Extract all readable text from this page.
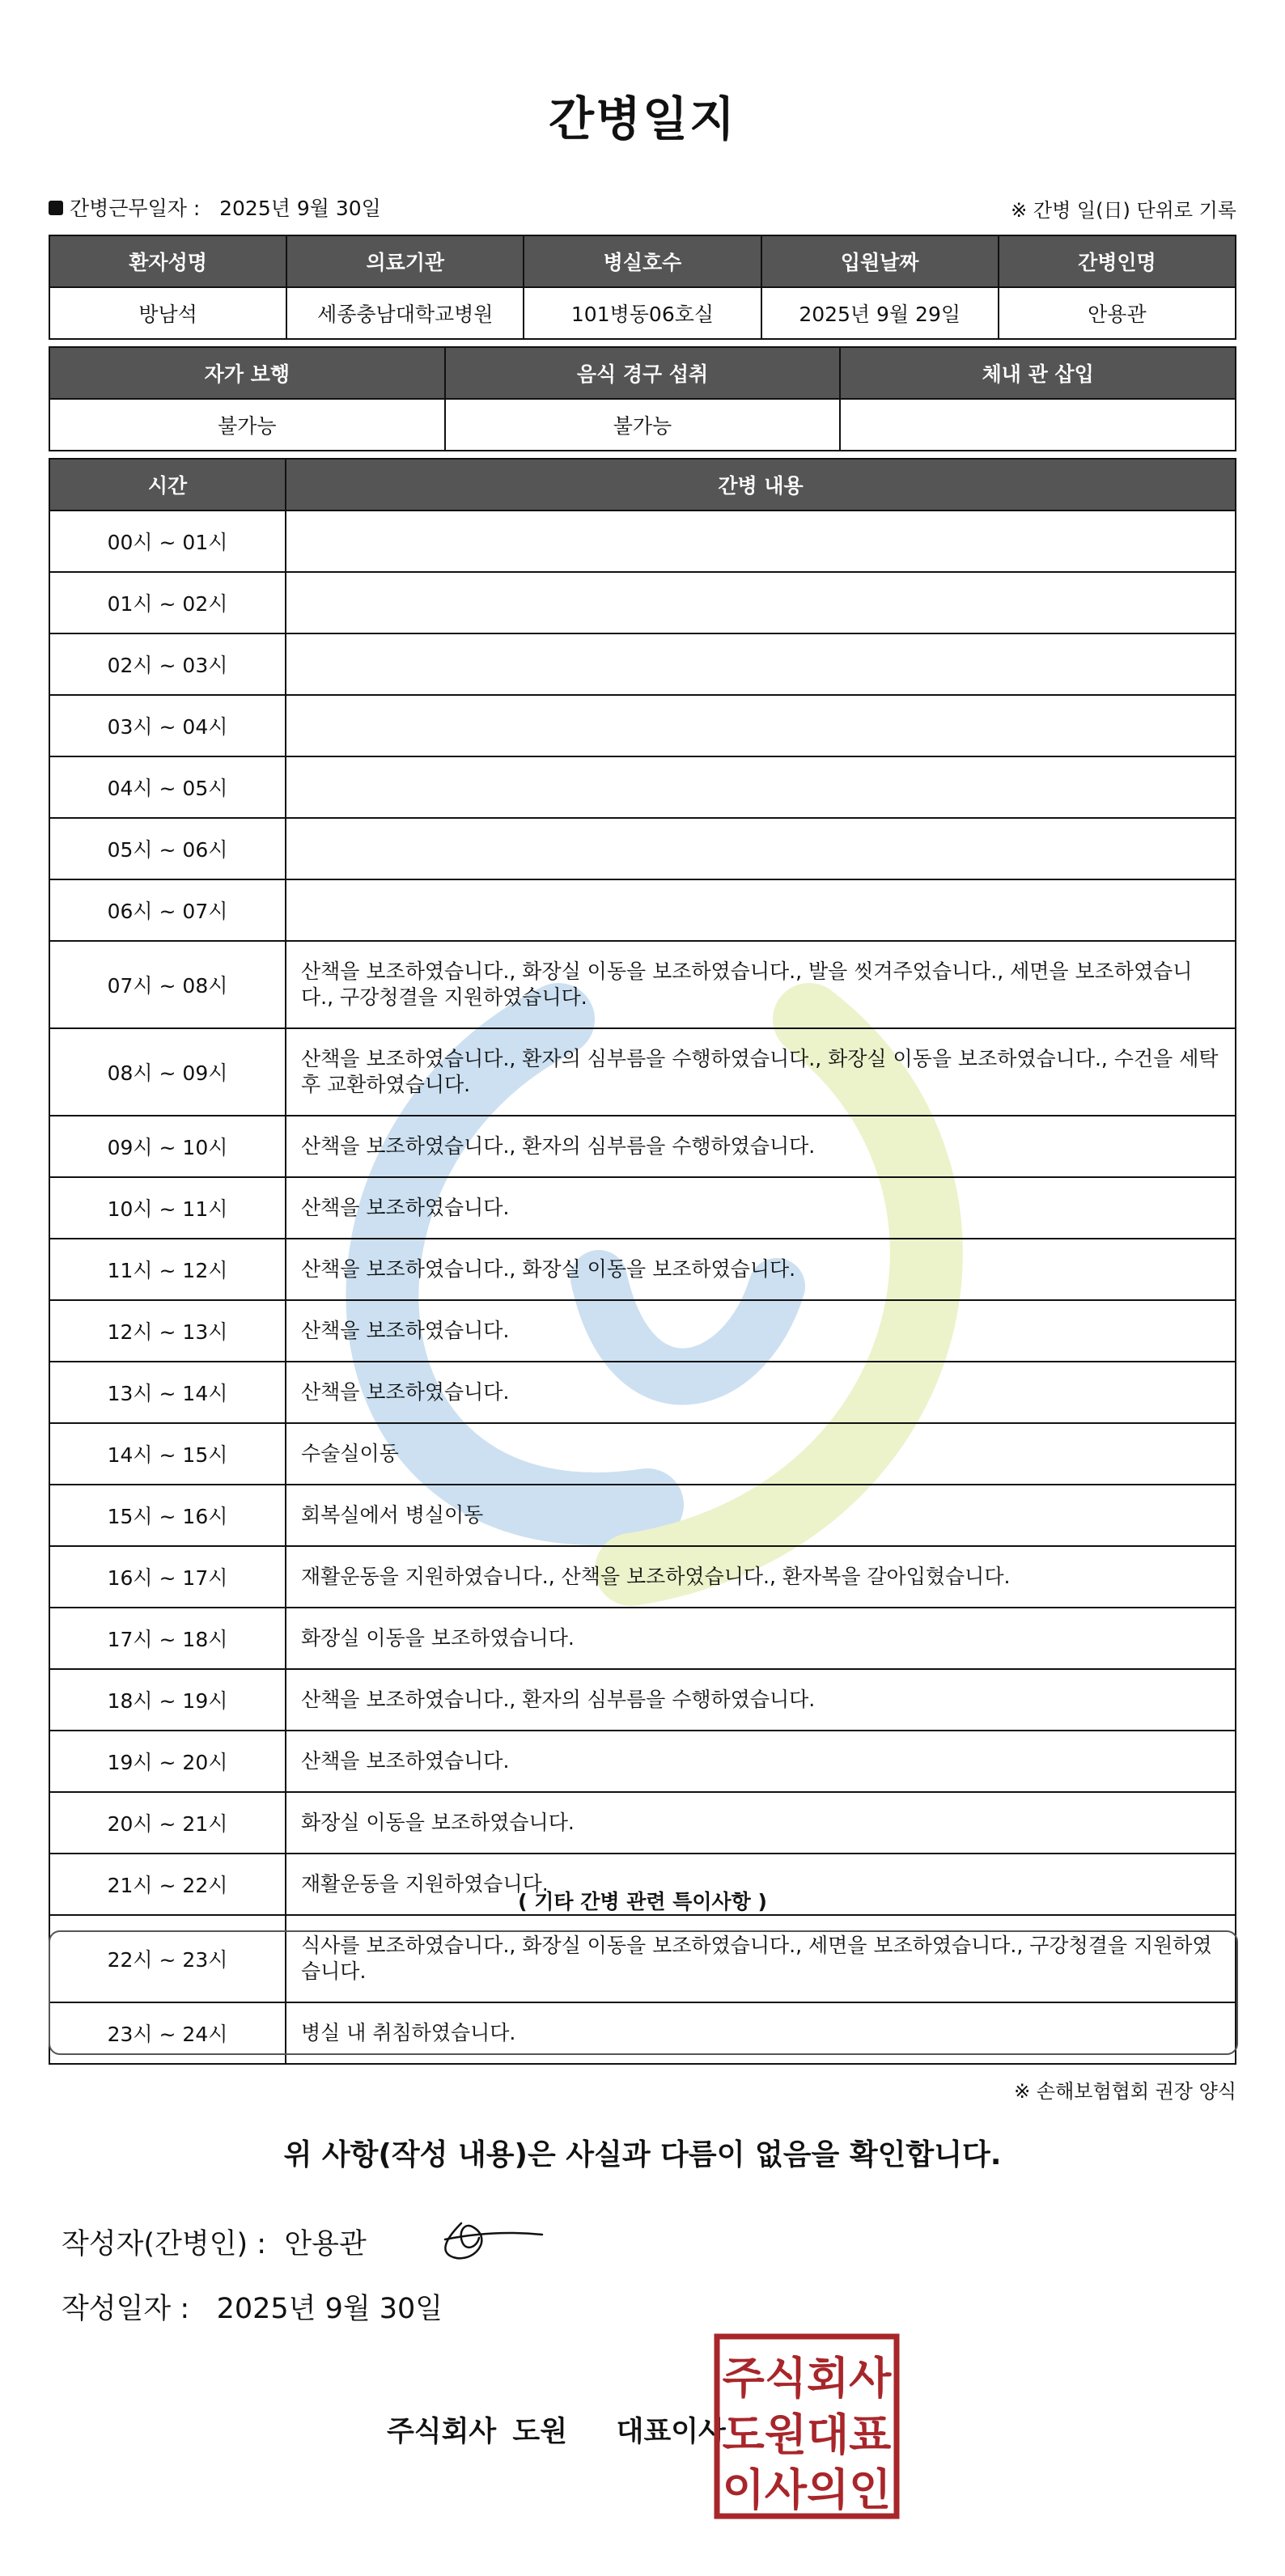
간병일지
간병근무일자 : 2025년 9월 30일	※ 간병 일(日) 단위로 기록
환자성명	의료기관	병실호수	입원날짜	간병인명
방남석	세종충남대학교병원	101병동06호실	2025년 9월 29일	안용관
자가 보행	음식 경구 섭취	체내 관 삽입
불가능	불가능	
시간	간병 내용
00시 ~ 01시	
01시 ~ 02시	
02시 ~ 03시	
03시 ~ 04시	
04시 ~ 05시	
05시 ~ 06시	
06시 ~ 07시	
07시 ~ 08시	산책을 보조하였습니다., 화장실 이동을 보조하였습니다., 발을 씻겨주었습니다., 세면을 보조하였습니다., 구강청결을 지원하였습니다.
08시 ~ 09시	산책을 보조하였습니다., 환자의 심부름을 수행하였습니다., 화장실 이동을 보조하였습니다., 수건을 세탁 후 교환하였습니다.
09시 ~ 10시	산책을 보조하였습니다., 환자의 심부름을 수행하였습니다.
10시 ~ 11시	산책을 보조하였습니다.
11시 ~ 12시	산책을 보조하였습니다., 화장실 이동을 보조하였습니다.
12시 ~ 13시	산책을 보조하였습니다.
13시 ~ 14시	산책을 보조하였습니다.
14시 ~ 15시	수술실이동
15시 ~ 16시	회복실에서 병실이동
16시 ~ 17시	재활운동을 지원하였습니다., 산책을 보조하였습니다., 환자복을 갈아입혔습니다.
17시 ~ 18시	화장실 이동을 보조하였습니다.
18시 ~ 19시	산책을 보조하였습니다., 환자의 심부름을 수행하였습니다.
19시 ~ 20시	산책을 보조하였습니다.
20시 ~ 21시	화장실 이동을 보조하였습니다.
21시 ~ 22시	재활운동을 지원하였습니다.
22시 ~ 23시	식사를 보조하였습니다., 화장실 이동을 보조하였습니다., 세면을 보조하였습니다., 구강청결을 지원하였습니다.
23시 ~ 24시	병실 내 취침하였습니다.
( 기타 간병 관련 특이사항 )
※ 손해보험협회 권장 양식
위 사항(작성 내용)은 사실과 다름이 없음을 확인합니다.
작성자(간병인) : 안용관
작성일자 : 2025년 9월 30일
주식회사 도원   대표이사
주식회사
도원대표
이사의인
